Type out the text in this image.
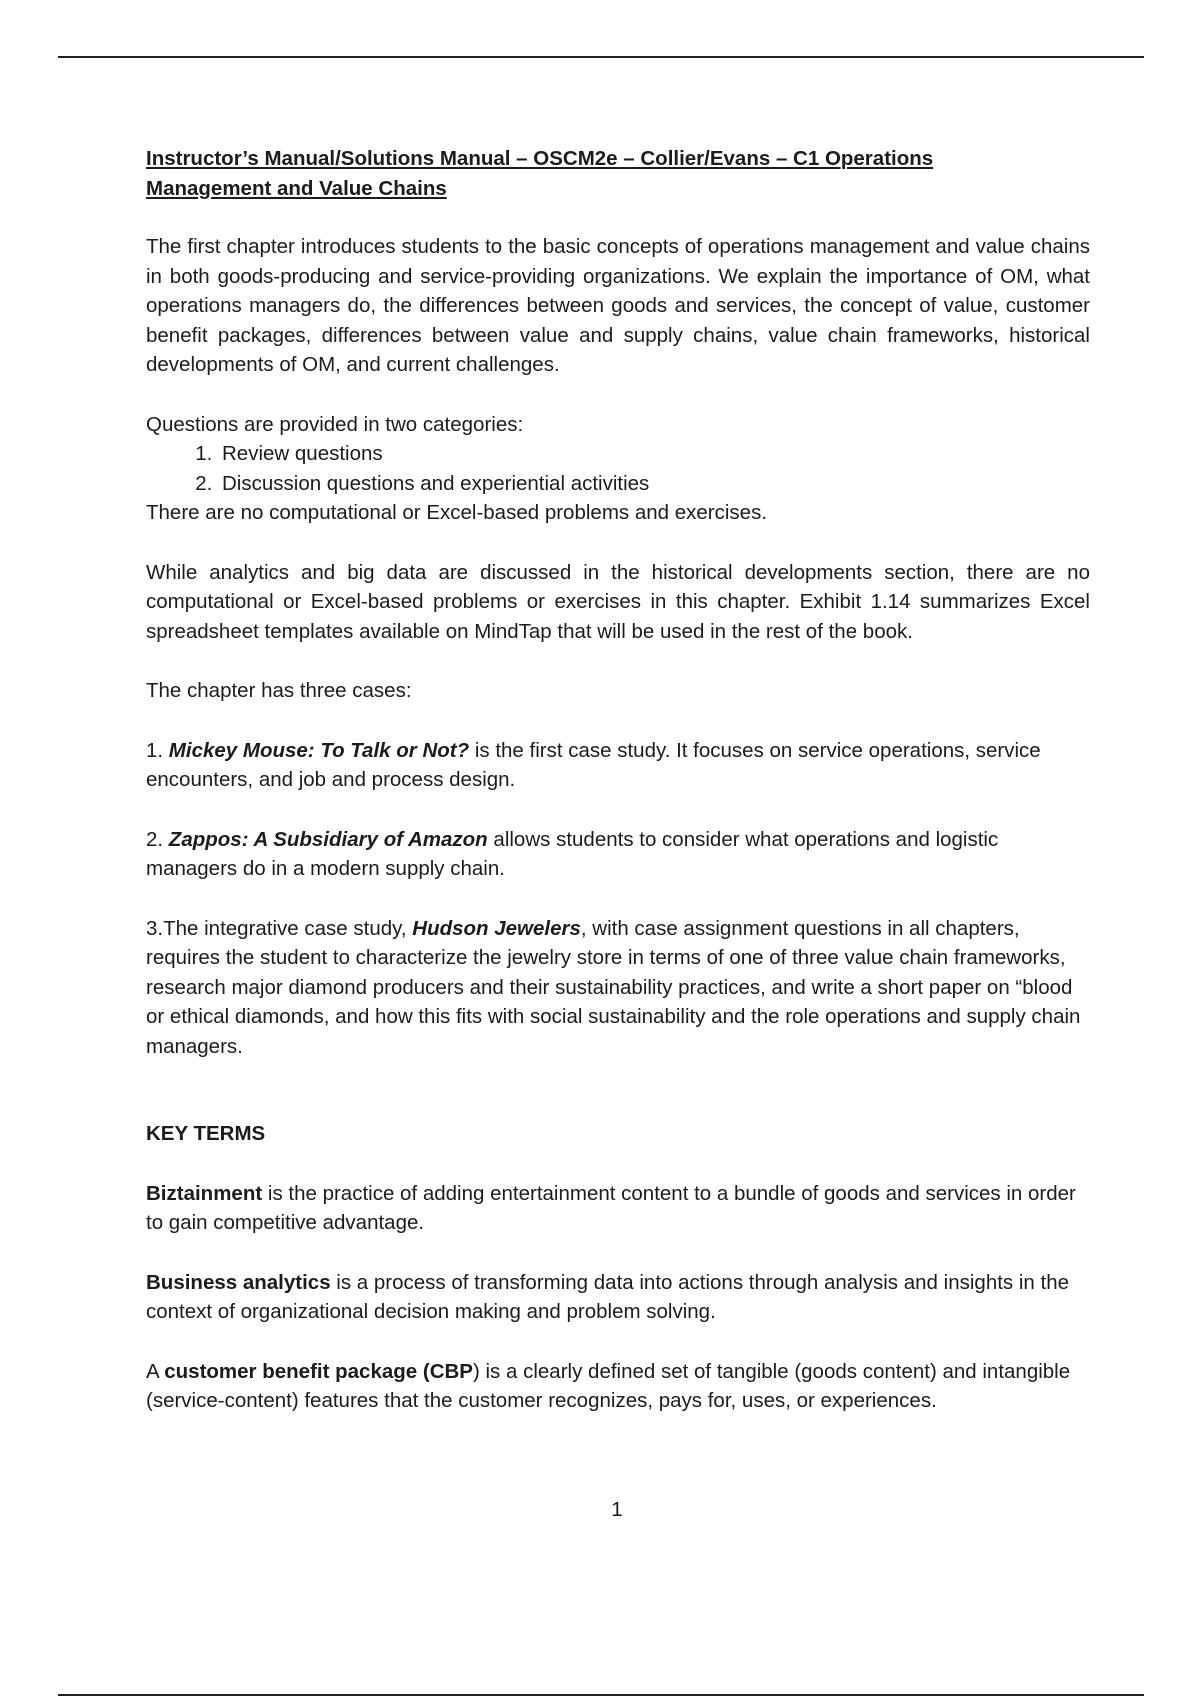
Instructor’s Manual/Solutions Manual – OSCM2e – Collier/Evans – C1 Operations
Management and Value Chains

The first chapter introduces students to the basic concepts of operations management and value chains in both goods-producing and service-providing organizations. We explain the importance of OM, what operations managers do, the differences between goods and services, the concept of value, customer benefit packages, differences between value and supply chains, value chain frameworks, historical developments of OM, and current challenges.

Questions are provided in two categories:

1. Review questions
2. Discussion questions and experiential activities

There are no computational or Excel-based problems and exercises.

While analytics and big data are discussed in the historical developments section, there are no computational or Excel-based problems or exercises in this chapter. Exhibit 1.14 summarizes Excel spreadsheet templates available on MindTap that will be used in the rest of the book.

The chapter has three cases:

1. Mickey Mouse: To Talk or Not? is the first case study. It focuses on service operations, service encounters, and job and process design.

2. Zappos: A Subsidiary of Amazon allows students to consider what operations and logistic managers do in a modern supply chain.

3.The integrative case study, Hudson Jewelers, with case assignment questions in all chapters, requires the student to characterize the jewelry store in terms of one of three value chain frameworks, research major diamond producers and their sustainability practices, and write a short paper on “blood or ethical diamonds, and how this fits with social sustainability and the role operations and supply chain managers.

KEY TERMS

Biztainment is the practice of adding entertainment content to a bundle of goods and services in order to gain competitive advantage.

Business analytics is a process of transforming data into actions through analysis and insights in the context of organizational decision making and problem solving.

A customer benefit package (CBP) is a clearly defined set of tangible (goods content) and intangible (service-content) features that the customer recognizes, pays for, uses, or experiences.

1
